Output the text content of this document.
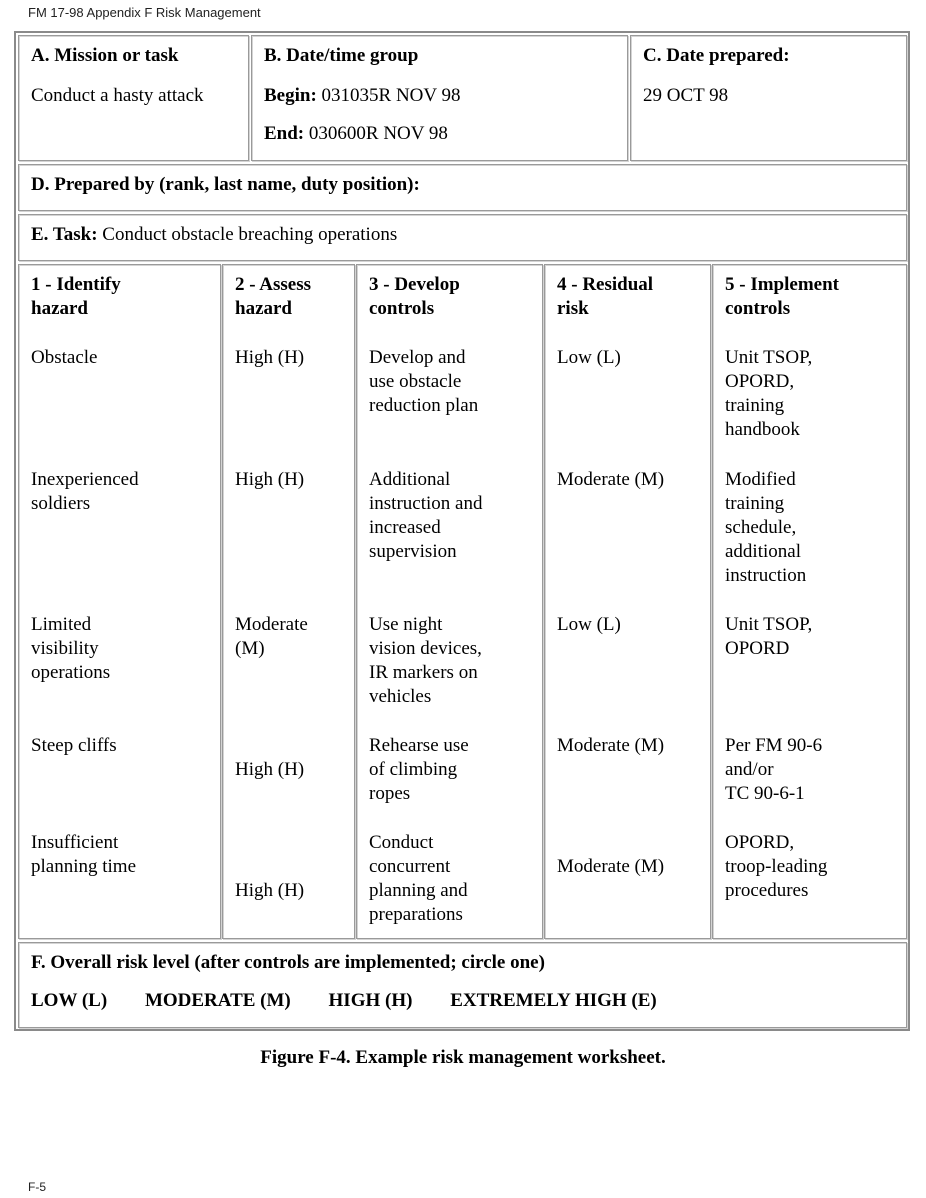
FM 17-98 Appendix F Risk Management
A. Mission or task
Conduct a hasty attack
B. Date/time group
Begin: 031035R NOV 98
End: 030600R NOV 98
C. Date prepared:
29 OCT 98
D. Prepared by (rank, last name, duty position):
E. Task: Conduct obstacle breaching operations
1 - Identify
hazard
Obstacle
Inexperienced
soldiers
Limited
visibility
operations
Steep cliffs
Insufficient
planning time
2 - Assess
hazard
High (H)
High (H)
Moderate
(M)
High (H)
High (H)
3 - Develop
controls
Develop and
use obstacle
reduction plan
Additional
instruction and
increased
supervision
Use night
vision devices,
IR markers on
vehicles
Rehearse use
of climbing
ropes
Conduct
concurrent
planning and
preparations
4 - Residual
risk
Low (L)
Moderate (M)
Low (L)
Moderate (M)
Moderate (M)
5 - Implement
controls
Unit TSOP,
OPORD,
training
handbook
Modified
training
schedule,
additional
instruction
Unit TSOP,
OPORD
Per FM 90-6
and/or
TC 90-6-1
OPORD,
troop-leading
procedures
F. Overall risk level (after controls are implemented; circle one)
LOW (L) MODERATE (M) HIGH (H) EXTREMELY HIGH (E)
Figure F-4. Example risk management worksheet.
F-5
